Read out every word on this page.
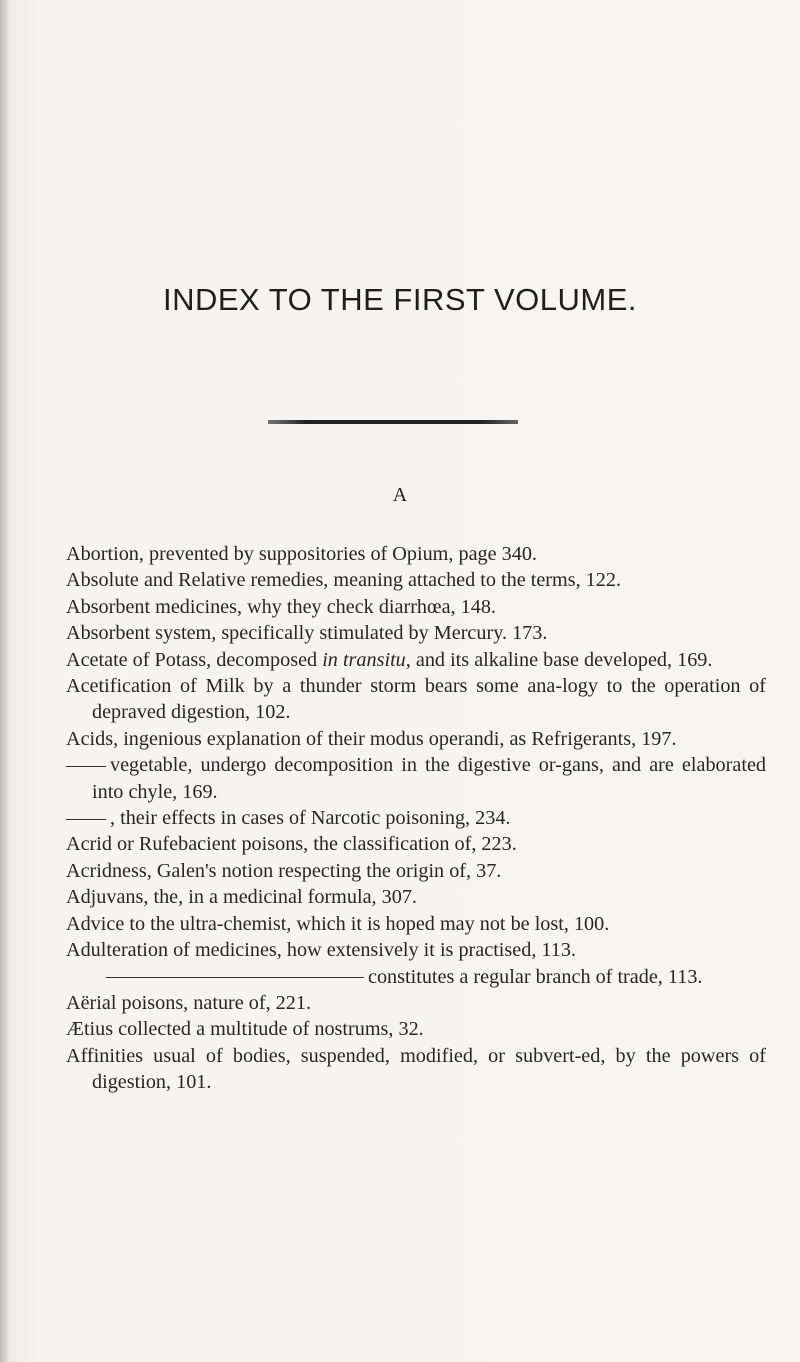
INDEX TO THE FIRST VOLUME.
A
Abortion, prevented by suppositories of Opium, page 340.
Absolute and Relative remedies, meaning attached to the terms, 122.
Absorbent medicines, why they check diarrhœa, 148.
Absorbent system, specifically stimulated by Mercury. 173.
Acetate of Potass, decomposed in transitu, and its alkaline base developed, 169.
Acetification of Milk by a thunder storm bears some ana-logy to the operation of depraved digestion, 102.
Acids, ingenious explanation of their modus operandi, as Refrigerants, 197.
vegetable, undergo decomposition in the digestive or-gans, and are elaborated into chyle, 169.
, their effects in cases of Narcotic poisoning, 234.
Acrid or Rufebacient poisons, the classification of, 223.
Acridness, Galen's notion respecting the origin of, 37.
Adjuvans, the, in a medicinal formula, 307.
Advice to the ultra-chemist, which it is hoped may not be lost, 100.
Adulteration of medicines, how extensively it is practised, 113.
constitutes a regular branch of trade, 113.
Aërial poisons, nature of, 221.
Ætius collected a multitude of nostrums, 32.
Affinities usual of bodies, suspended, modified, or subvert-ed, by the powers of digestion, 101.
